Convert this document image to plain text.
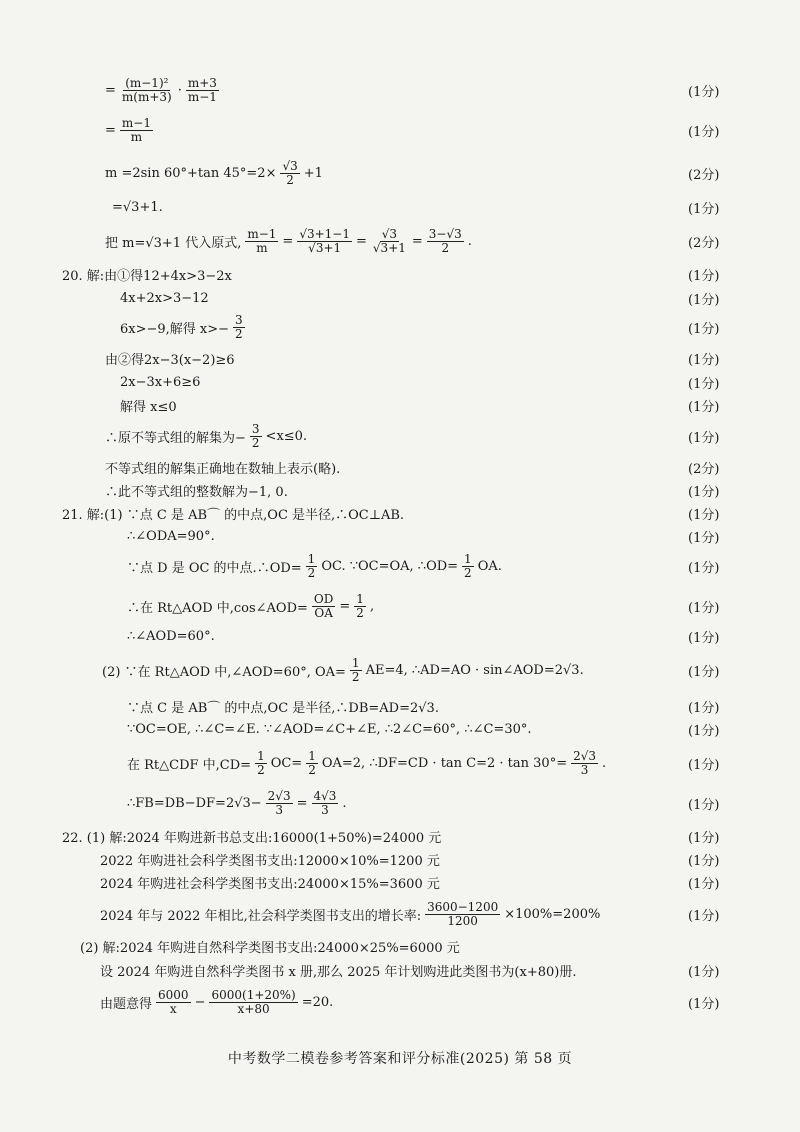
= $\frac{\text{(m−1)²}}{m(m+3)} \cdot \frac{m+3}{m-1}$	(1分)
= $\frac{m-1}{m}$	(1分)
m =2sin 60°+tan $45^\circ=2\times \frac{√3}{2} +1$	(2分)
=√3+1.	(1分)
把 m=√3+1 代入原式, $\frac{m-1}{m} = \frac{√3+1-1}{√3+1} = \frac{√3}{√3+1} = \frac{3-√3}{2}$ .	(2分)
20. 解:由①得12+4x>3−2x	(1分)
4x+2x>3−12	(1分)
6x>−9,解得 $x>- \frac{3}{2}$	(1分)
由②得2x−3(x−2)≥6	(1分)
2x−3x+6≥6	(1分)
解得 x≤0	(1分)
∴原不等式组的解集为− $\frac{3}{2} <x\le 0$.	(1分)
不等式组的解集正确地在数轴上表示(略).	(2分)
∴此不等式组的整数解为−1, 0.	(1分)
21. 解:(1) ∵点 C 是 AB⌒ 的中点,OC 是半径,∴OC⊥AB.	(1分)
∴∠ODA=90°.	(1分)
∵点 D 是 OC 的中点.∴OD= $\frac{1}{2}$ OC. ∵OC=OA, ∴OD= $\frac{1}{2}$ OA.	(1分)
∴在 Rt△AOD 中,cos∠AOD= $\frac{OD}{OA} = \frac{1}{2}$ ,	(1分)
∴∠AOD=60°.	(1分)
(2) ∵在 Rt△AOD 中,∠AOD=60°, $OA= \frac{1}{2} AE=4$, ∴AD=AO · sin∠AOD=2√3.	(1分)
∵点 C 是 AB⌒ 的中点,OC 是半径,∴DB=AD=2√3.	(1分)
∵OC=OE, ∴∠C=∠E. ∵∠AOD=∠C+∠E, ∴2∠C=60°, ∴∠C=30°.	(1分)
在 Rt△CDF 中$,CD= \frac{1}{2} OC= \frac{1}{2} OA=2$, ∴DF=CD · $\tan C=2 \cdot \tan 30^\circ= \frac{2√3}{3}$ .	(1分)
∴FB=DB−DF=2√3− $\frac{2√3}{3} = \frac{4√3}{3}$ .	(1分)
22. (1) 解:2024 年购进新书总支出:16000(1+50%)=24000 元	(1分)
2022 年购进社会科学类图书支出:12000×10%=1200 元	(1分)
2024 年购进社会科学类图书支出:24000×15%=3600 元	(1分)
2024 年与 2022 年相比,社会科学类图书支出的增长率: $\frac{3600-1200}{1200} \times 100\%=200\%$	(1分)
(2) 解:2024 年购进自然科学类图书支出:24000×25%=6000 元
设 2024 年购进自然科学类图书 x 册,那么 2025 年计划购进此类图书为(x+80)册.	(1分)
由题意得 $\frac{6000}{x} - \frac{6000(1+20\%)}{x+80} =20$.	(1分)
中考数学二模卷参考答案和评分标准(2025) 第 58 页
